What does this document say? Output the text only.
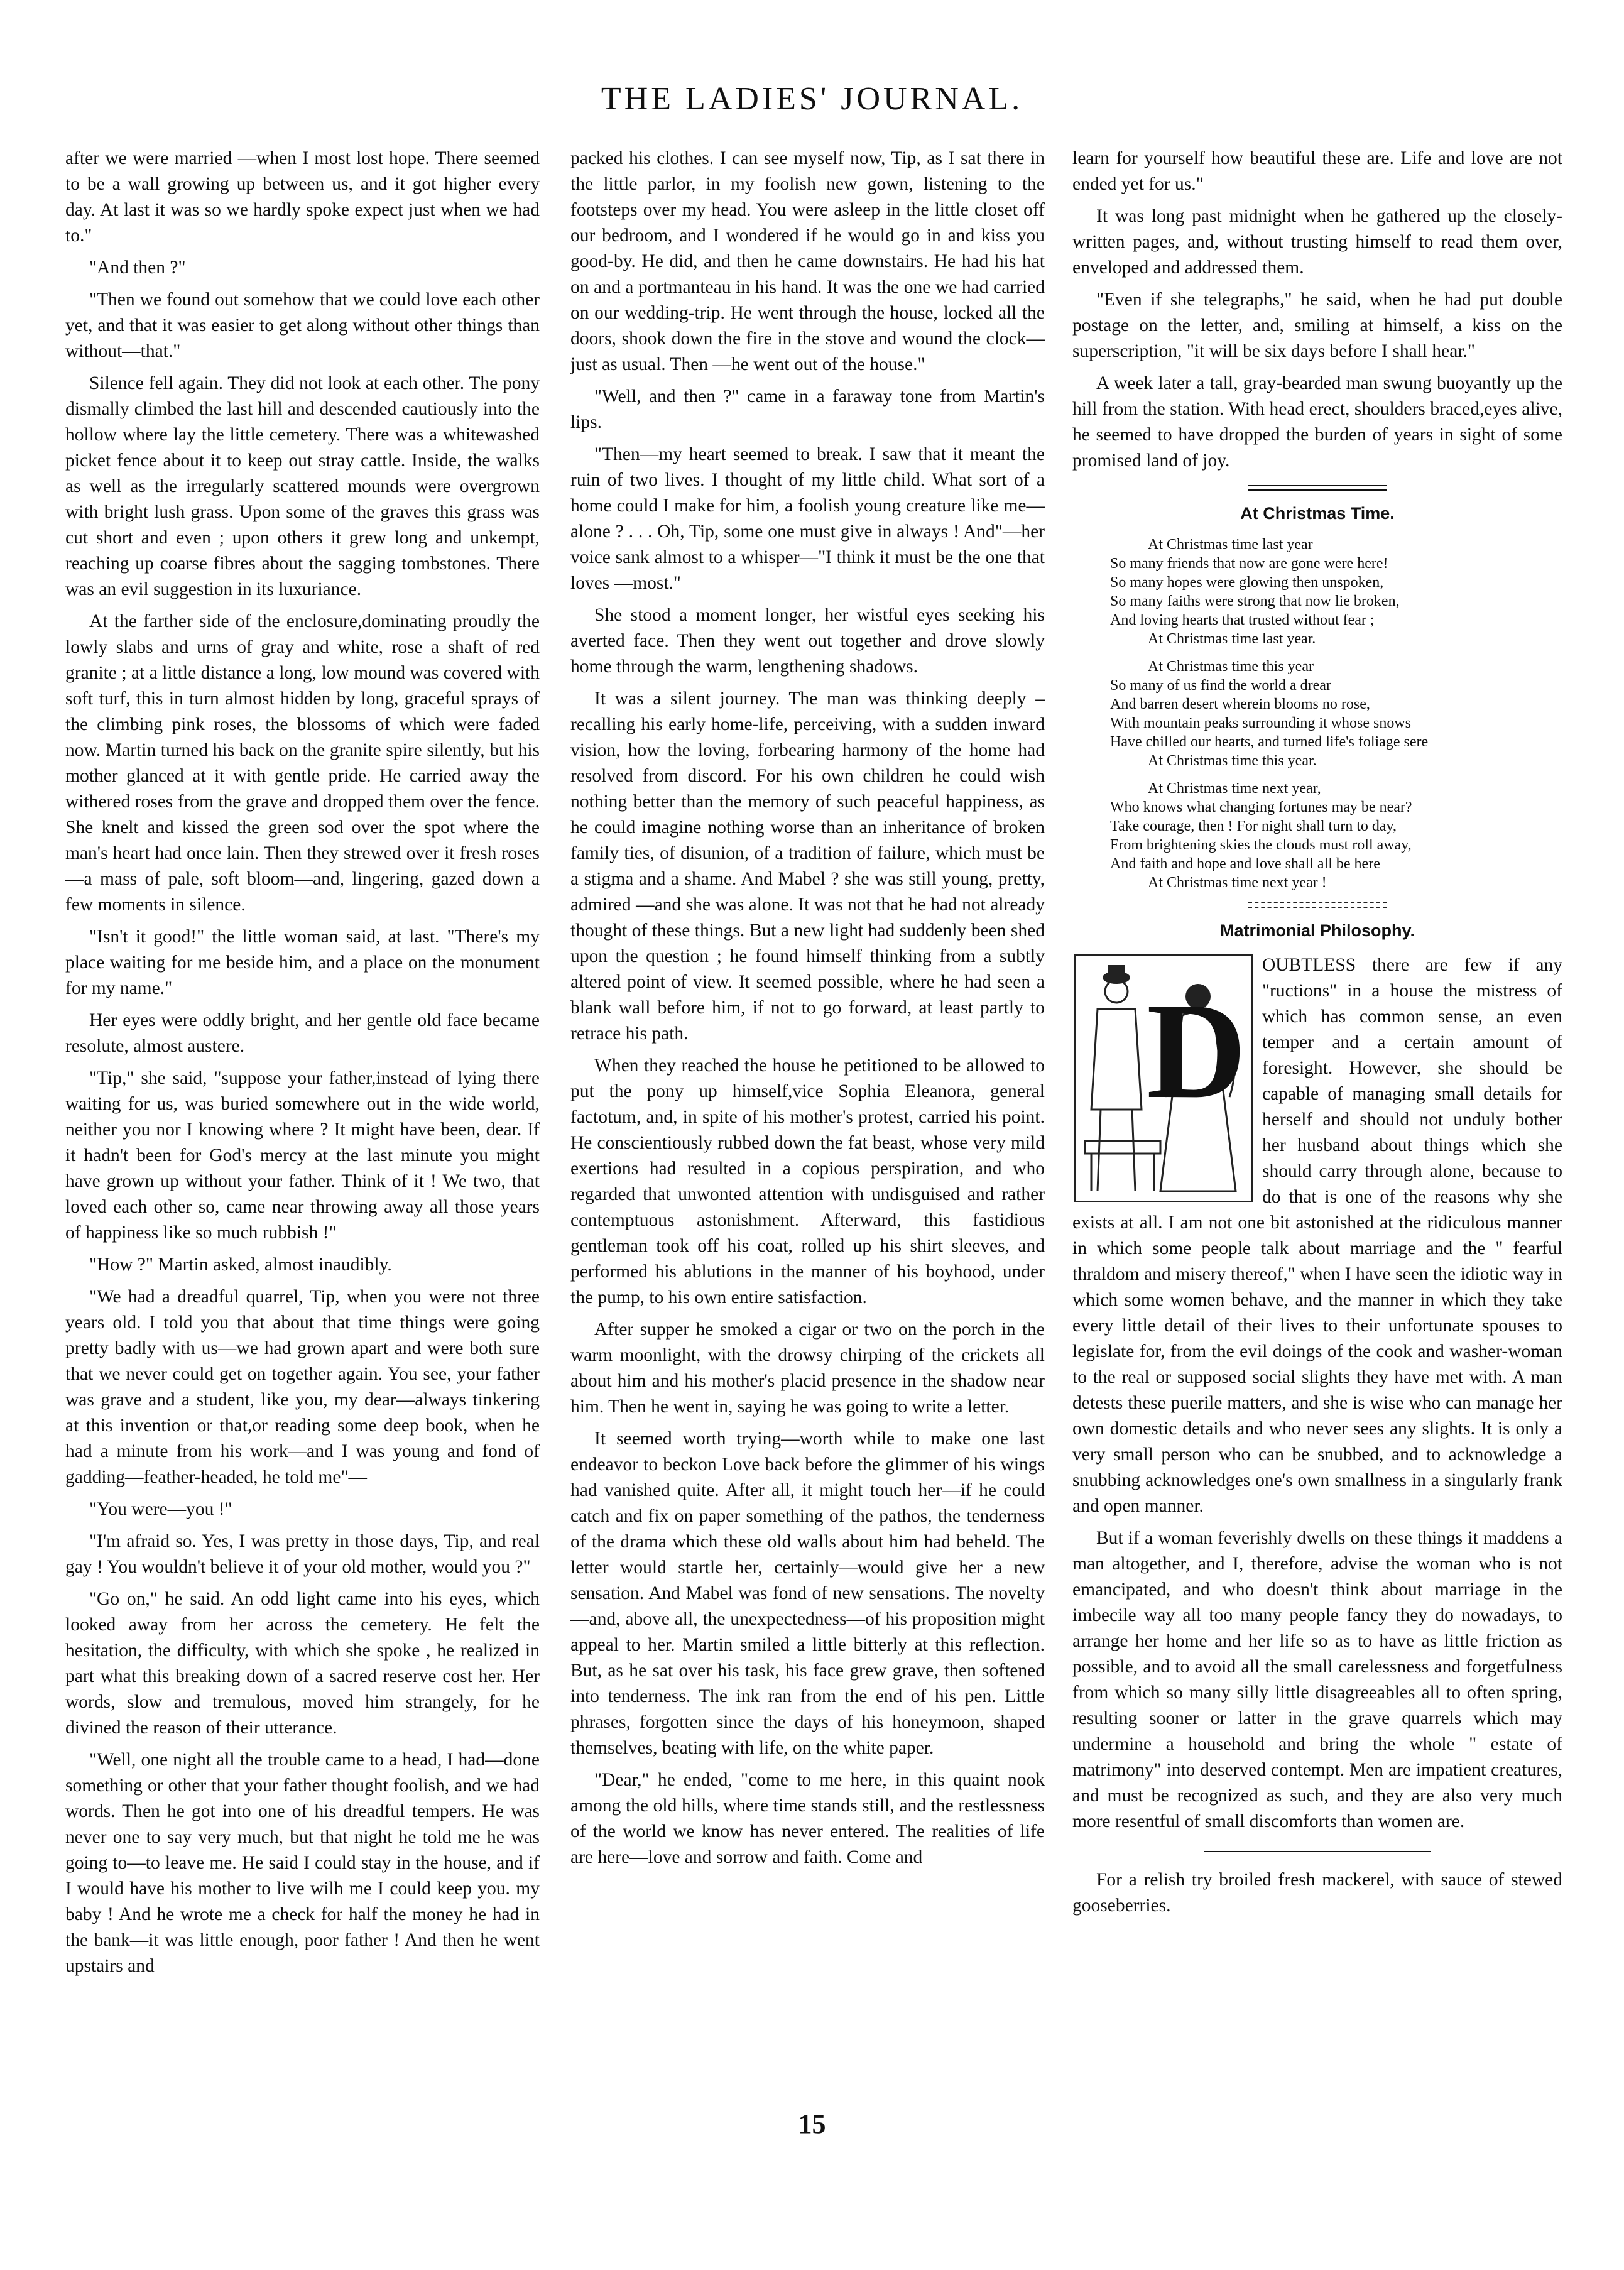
THE LADIES' JOURNAL.

after we were married —when I most lost hope. There seemed to be a wall growing up between us, and it got higher every day. At last it was so we hardly spoke expect just when we had to."

"And then ?"

"Then we found out somehow that we could love each other yet, and that it was easier to get along without other things than without—that."

Silence fell again. They did not look at each other. The pony dismally climbed the last hill and descended cautiously into the hollow where lay the little cemetery. There was a whitewashed picket fence about it to keep out stray cattle. Inside, the walks as well as the irregularly scattered mounds were overgrown with bright lush grass. Upon some of the graves this grass was cut short and even ; upon others it grew long and unkempt, reaching up coarse fibres about the sagging tombstones. There was an evil suggestion in its luxuriance.

At the farther side of the enclosure,dominating proudly the lowly slabs and urns of gray and white, rose a shaft of red granite ; at a little distance a long, low mound was covered with soft turf, this in turn almost hidden by long, graceful sprays of the climbing pink roses, the blossoms of which were faded now. Martin turned his back on the granite spire silently, but his mother glanced at it with gentle pride. He carried away the withered roses from the grave and dropped them over the fence. She knelt and kissed the green sod over the spot where the man's heart had once lain. Then they strewed over it fresh roses—a mass of pale, soft bloom—and, lingering, gazed down a few moments in silence.

"Isn't it good!" the little woman said, at last. "There's my place waiting for me beside him, and a place on the monument for my name."

Her eyes were oddly bright, and her gentle old face became resolute, almost austere.

"Tip," she said, "suppose your father,instead of lying there waiting for us, was buried somewhere out in the wide world, neither you nor I knowing where ? It might have been, dear. If it hadn't been for God's mercy at the last minute you might have grown up without your father. Think of it ! We two, that loved each other so, came near throwing away all those years of happiness like so much rubbish !"

"How ?" Martin asked, almost inaudibly.

"We had a dreadful quarrel, Tip, when you were not three years old. I told you that about that time things were going pretty badly with us—we had grown apart and were both sure that we never could get on together again. You see, your father was grave and a student, like you, my dear—always tinkering at this invention or that,or reading some deep book, when he had a minute from his work—and I was young and fond of gadding—feather-headed, he told me"—

"You were—you !"

"I'm afraid so. Yes, I was pretty in those days, Tip, and real gay ! You wouldn't believe it of your old mother, would you ?"

"Go on," he said. An odd light came into his eyes, which looked away from her across the cemetery. He felt the hesitation, the difficulty, with which she spoke , he realized in part what this breaking down of a sacred reserve cost her. Her words, slow and tremulous, moved him strangely, for he divined the reason of their utterance.

"Well, one night all the trouble came to a head, I had—done something or other that your father thought foolish, and we had words. Then he got into one of his dreadful tempers. He was never one to say very much, but that night he told me he was going to—to leave me. He said I could stay in the house, and if I would have his mother to live wilh me I could keep you. my baby ! And he wrote me a check for half the money he had in the bank—it was little enough, poor father ! And then he went upstairs and

packed his clothes. I can see myself now, Tip, as I sat there in the little parlor, in my foolish new gown, listening to the footsteps over my head. You were asleep in the little closet off our bedroom, and I wondered if he would go in and kiss you good-by. He did, and then he came downstairs. He had his hat on and a portmanteau in his hand. It was the one we had carried on our wedding-trip. He went through the house, locked all the doors, shook down the fire in the stove and wound the clock—just as usual. Then —he went out of the house."

"Well, and then ?" came in a faraway tone from Martin's lips.

"Then—my heart seemed to break. I saw that it meant the ruin of two lives. I thought of my little child. What sort of a home could I make for him, a foolish young creature like me—alone ? . . . Oh, Tip, some one must give in always ! And"—her voice sank almost to a whisper—"I think it must be the one that loves —most."

She stood a moment longer, her wistful eyes seeking his averted face. Then they went out together and drove slowly home through the warm, lengthening shadows.

It was a silent journey. The man was thinking deeply –recalling his early home-life, perceiving, with a sudden inward vision, how the loving, forbearing harmony of the home had resolved from discord. For his own children he could wish nothing better than the memory of such peaceful happiness, as he could imagine nothing worse than an inheritance of broken family ties, of disunion, of a tradition of failure, which must be a stigma and a shame. And Mabel ? she was still young, pretty, admired —and she was alone. It was not that he had not already thought of these things. But a new light had suddenly been shed upon the question ; he found himself thinking from a subtly altered point of view. It seemed possible, where he had seen a blank wall before him, if not to go forward, at least partly to retrace his path.

When they reached the house he petitioned to be allowed to put the pony up himself,vice Sophia Eleanora, general factotum, and, in spite of his mother's protest, carried his point. He conscientiously rubbed down the fat beast, whose very mild exertions had resulted in a copious perspiration, and who regarded that unwonted attention with undisguised and rather contemptuous astonishment. Afterward, this fastidious gentleman took off his coat, rolled up his shirt sleeves, and performed his ablutions in the manner of his boyhood, under the pump, to his own entire satisfaction.

After supper he smoked a cigar or two on the porch in the warm moonlight, with the drowsy chirping of the crickets all about him and his mother's placid presence in the shadow near him. Then he went in, saying he was going to write a letter.

It seemed worth trying—worth while to make one last endeavor to beckon Love back before the glimmer of his wings had vanished quite. After all, it might touch her—if he could catch and fix on paper something of the pathos, the tenderness of the drama which these old walls about him had beheld. The letter would startle her, certainly—would give her a new sensation. And Mabel was fond of new sensations. The novelty—and, above all, the unexpectedness—of his proposition might appeal to her. Martin smiled a little bitterly at this reflection. But, as he sat over his task, his face grew grave, then softened into tenderness. The ink ran from the end of his pen. Little phrases, forgotten since the days of his honeymoon, shaped themselves, beating with life, on the white paper.

"Dear," he ended, "come to me here, in this quaint nook among the old hills, where time stands still, and the restlessness of the world we know has never entered. The realities of life are here—love and sorrow and faith. Come and

learn for yourself how beautiful these are. Life and love are not ended yet for us."

It was long past midnight when he gathered up the closely-written pages, and, without trusting himself to read them over, enveloped and addressed them.

"Even if she telegraphs," he said, when he had put double postage on the letter, and, smiling at himself, a kiss on the superscription, "it will be six days before I shall hear."

A week later a tall, gray-bearded man swung buoyantly up the hill from the station. With head erect, shoulders braced,eyes alive, he seemed to have dropped the burden of years in sight of some promised land of joy.

At Christmas Time.
At Christmas time last year
So many friends that now are gone were here!
So many hopes were glowing then unspoken,
So many faiths were strong that now lie broken,
And loving hearts that trusted without fear ;
At Christmas time last year.
At Christmas time this year
So many of us find the world a drear
And barren desert wherein blooms no rose,
With mountain peaks surrounding it whose snows
Have chilled our hearts, and turned life's foliage sere
At Christmas time this year.
At Christmas time next year,
Who knows what changing fortunes may be near?
Take courage, then ! For night shall turn to day,
From brightening skies the clouds must roll away,
And faith and hope and love shall all be here
At Christmas time next year !
Matrimonial Philosophy.
D

OUBTLESS there are few if any "ructions" in a house the mistress of which has common sense, an even temper and a certain amount of foresight. However, she should be capable of managing small details for herself and should not unduly bother her husband about things which she should carry through alone, because to do that is one of the reasons why she exists at all. I am not one bit astonished at the ridiculous manner in which some people talk about marriage and the " fearful thraldom and misery thereof," when I have seen the idiotic way in which some women behave, and the manner in which they take every little detail of their lives to their unfortunate spouses to legislate for, from the evil doings of the cook and washer-woman to the real or supposed social slights they have met with. A man detests these puerile matters, and she is wise who can manage her own domestic details and who never sees any slights. It is only a very small person who can be snubbed, and to acknowledge a snubbing acknowledges one's own smallness in a singularly frank and open manner.

But if a woman feverishly dwells on these things it maddens a man altogether, and I, therefore, advise the woman who is not emancipated, and who doesn't think about marriage in the imbecile way all too many people fancy they do nowadays, to arrange her home and her life so as to have as little friction as possible, and to avoid all the small carelessness and forgetfulness from which so many silly little disagreeables all to often spring, resulting sooner or latter in the grave quarrels which may undermine a household and bring the whole " estate of matrimony" into deserved contempt. Men are impatient creatures, and must be recognized as such, and they are also very much more resentful of small discomforts than women are.

For a relish try broiled fresh mackerel, with sauce of stewed gooseberries.

15
